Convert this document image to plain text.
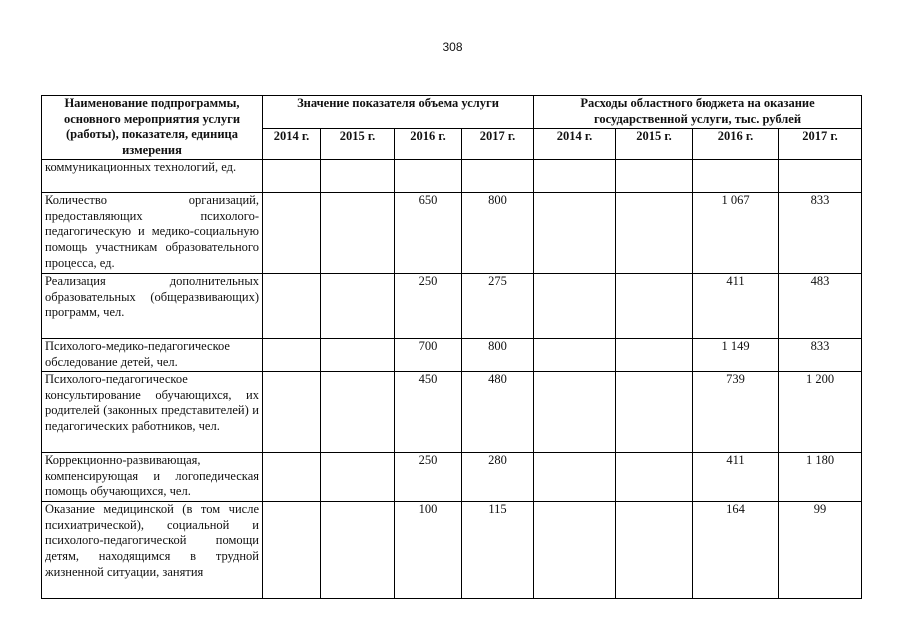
308
Наименование подпрограммы, основного мероприятия услуги (работы), показателя, единица измерения	Значение показателя объема услуги				Расходы областного бюджета на оказание государственной услуги, тыс. рублей			
	2014 г.	2015 г.	2016 г.	2017 г.	2014 г.	2015 г.	2016 г.	2017 г.
коммуникационных технологий, ед.								
Количество организаций, предоставляющих психолого-педагогическую и медико-социальную помощь участникам образовательного процесса, ед.			650	800			1 067	833
Реализация дополнительных образовательных (общеразвивающих) программ, чел.			250	275			411	483
Психолого-медико-педагогическое обследование детей, чел.			700	800			1 149	833
Психолого-педагогическое консультирование обучающихся, их родителей (законных представителей) и педагогических работников, чел.			450	480			739	1 200
Коррекционно-развивающая, компенсирующая и логопедическая помощь обучающихся, чел.			250	280			411	1 180
Оказание медицинской (в том числе психиатрической), социальной и психолого-педагогической помощи детям, находящимся в трудной жизненной ситуации, занятия			100	115			164	99
